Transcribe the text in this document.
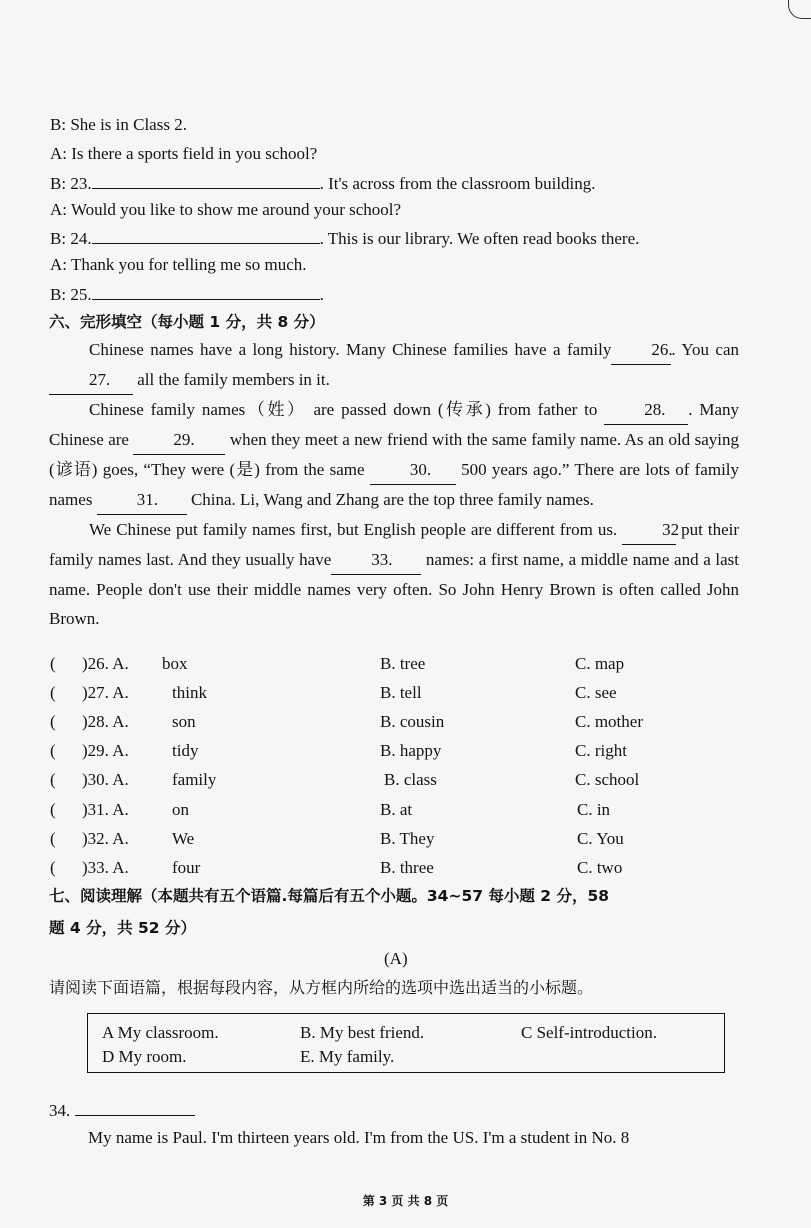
B: She is in Class 2.
A: Is there a sports field in you school?
B: 23.	. It's across from the classroom building.
A: Would you like to show me around your school?
B: 24.	. This is our library. We often read books there.
A: Thank you for telling me so much.
B: 25.	.
六、完形填空（每小题 1 分，共 8 分）

Chinese names have a long history. Many Chinese families have a family 26.. You can 27. all the family members in it.

Chinese family names（姓） are passed down (传承) from father to	28. . Many Chinese are	29. when they meet a new friend with the same family name. As an old saying (谚语) goes, “They were (是) from the same	30. 500 years ago.” There are lots of family names	31. China. Li, Wang and Zhang are the top three family names.

We Chinese put family names first, but English people are different from us.	32 put their family names last. And they usually have 33. names: a first name, a middle name and a last name. People don't use their middle names very often. So John Henry Brown is often called John Brown.

( )26. A. box	B. tree	C. map
( )27. A.	think	B. tell	C. see
( )28. A.	son	B. cousin	C. mother
( )29. A.	tidy	B. happy	C. right
( )30. A.	family	B. class	C. school
( )31. A.	on	B. at	C. in
( )32. A.	We	B. They	C. You
( )33. A.	four	B. three	C. two
七、阅读理解（本题共有五个语篇.每篇后有五个小题。34~57 每小题 2 分，58
题 4 分，共 52 分）
(A)
请阅读下面语篇，根据每段内容，从方框内所给的选项中选出适当的小标题。
A My classroom.	B. My best friend.	C Self-introduction.
D My room.	E. My family.
34.
My name is Paul. I'm thirteen years old. I'm from the US. I'm a student in No. 8
第 3 页 共 8 页
